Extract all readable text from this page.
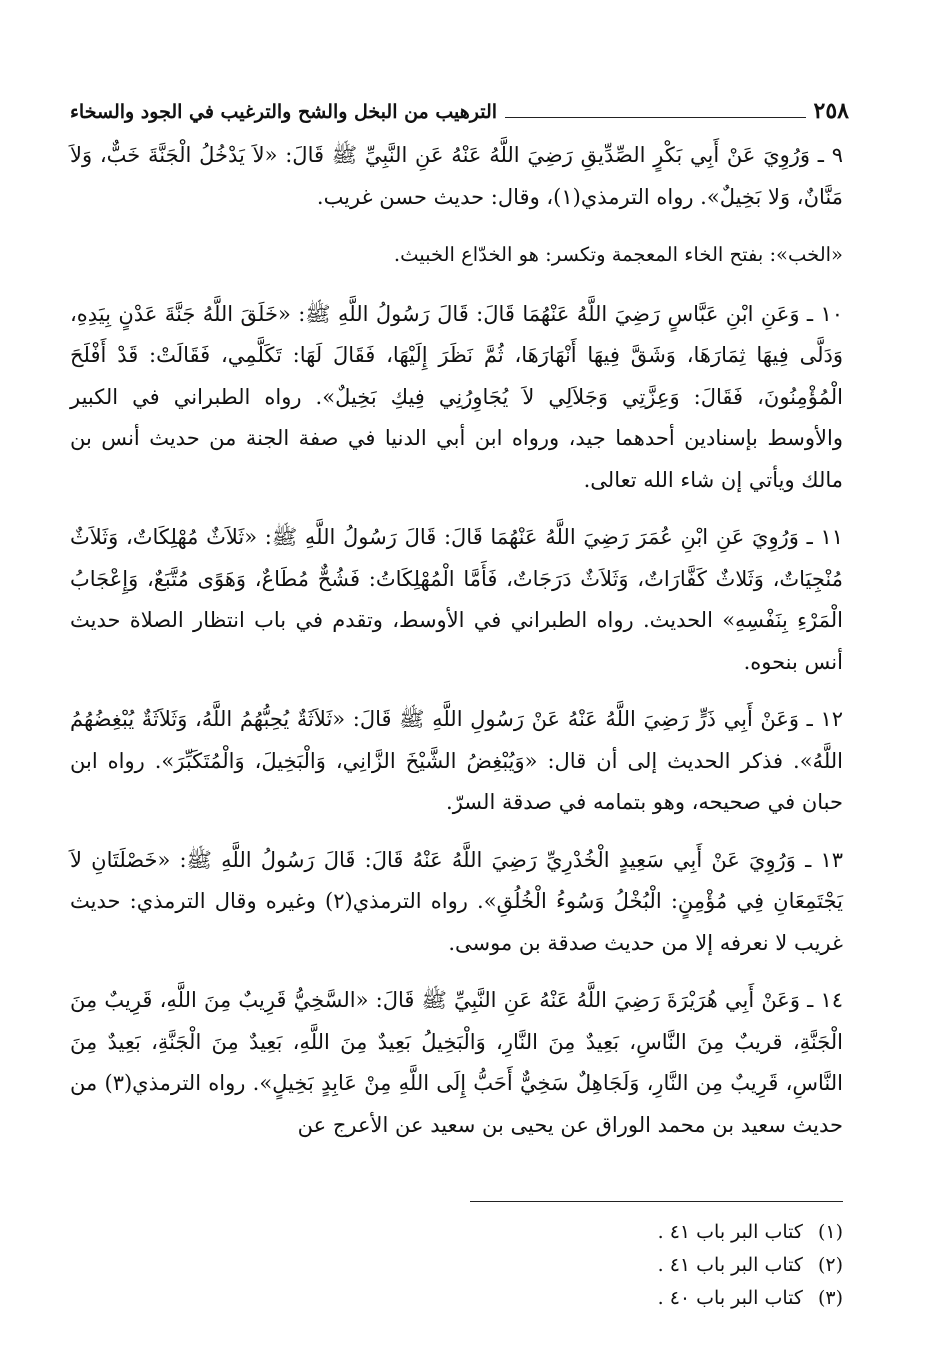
٢٥٨
الترهيب من البخل والشح والترغيب في الجود والسخاء

٩ ـ وَرُوِيَ عَنْ أَبِي بَكْرٍ الصِّدِّيقِ رَضِيَ اللَّهُ عَنْهُ عَنِ النَّبِيِّ ﷺ قَالَ: «لاَ يَدْخُلُ الْجَنَّةَ خَبٌّ، وَلاَ مَنَّانٌ، وَلا بَخِيلٌ». رواه الترمذي(١)، وقال: حديث حسن غريب.

«الخب»: بفتح الخاء المعجمة وتكسر: هو الخدّاع الخبيث.

١٠ ـ وَعَنِ ابْنِ عَبَّاسٍ رَضِيَ اللَّهُ عَنْهُمَا قَالَ: قَالَ رَسُولُ اللَّهِ ﷺ: «خَلَقَ اللَّهُ جَنَّةَ عَدْنٍ بِيَدِهِ، وَدَلَّى فِيهَا ثِمَارَهَا، وَشَقَّ فِيهَا أَنْهَارَهَا، ثُمَّ نَظَرَ إِلَيْهَا، فَقَالَ لَهَا: تَكَلَّمِي، فَقَالَتْ: قَدْ أَفْلَحَ الْمُؤْمِنُونَ، فَقَالَ: وَعِزَّتِي وَجَلاَلِي لاَ يُجَاوِرُنِي فِيكِ بَخِيلٌ». رواه الطبراني في الكبير والأوسط بإسنادين أحدهما جيد، ورواه ابن أبي الدنيا في صفة الجنة من حديث أنس بن مالك ويأتي إن شاء الله تعالى.

١١ ـ وَرُوِيَ عَنِ ابْنِ عُمَرَ رَضِيَ اللَّهُ عَنْهُمَا قَالَ: قَالَ رَسُولُ اللَّهِ ﷺ: «ثَلاَثٌ مُهْلِكَاتٌ، وَثَلاَثٌ مُنْجِيَاتٌ، وَثَلاثٌ كَفَّارَاتٌ، وَثَلاَثٌ دَرَجَاتٌ، فَأَمَّا الْمُهْلِكَاتُ: فَشُحٌّ مُطَاعٌ، وَهَوًى مُتَّبَعٌ، وَإِعْجَابُ الْمَرْءِ بِنَفْسِهِ» الحديث. رواه الطبراني في الأوسط، وتقدم في باب انتظار الصلاة حديث أنس بنحوه.

١٢ ـ وَعَنْ أَبِي ذَرٍّ رَضِيَ اللَّهُ عَنْهُ عَنْ رَسُولِ اللَّهِ ﷺ قَالَ: «ثَلاَثَةٌ يُحِبُّهُمُ اللَّهُ، وَثَلاَثَةٌ يُبْغِضُهُمُ اللَّهُ». فذكر الحديث إلى أن قال: «وَيُبْغِضُ الشَّيْخَ الزَّانِي، وَالْبَخِيلَ، وَالْمُتَكَبِّرَ». رواه ابن حبان في صحيحه، وهو بتمامه في صدقة السرّ.

١٣ ـ وَرُوِيَ عَنْ أَبِي سَعِيدٍ الْخُدْرِيِّ رَضِيَ اللَّهُ عَنْهُ قَالَ: قَالَ رَسُولُ اللَّهِ ﷺ: «خَصْلَتَانِ لاَ يَجْتَمِعَانِ فِي مُؤْمِنٍ: الْبُخْلُ وَسُوءُ الْخُلُقِ». رواه الترمذي(٢) وغيره وقال الترمذي: حديث غريب لا نعرفه إلا من حديث صدقة بن موسى.

١٤ ـ وَعَنْ أَبِي هُرَيْرَةَ رَضِيَ اللَّهُ عَنْهُ عَنِ النَّبِيِّ ﷺ قَالَ: «السَّخِيُّ قَرِيبٌ مِنَ اللَّهِ، قَرِيبٌ مِنَ الْجَنَّةِ، قريبٌ مِنَ النَّاسِ، بَعِيدٌ مِنَ النَّارِ، وَالْبَخِيلُ بَعِيدٌ مِنَ اللَّهِ، بَعِيدٌ مِنَ الْجَنَّةِ، بَعِيدٌ مِنَ النَّاسِ، قَرِيبٌ مِن النَّارِ، وَلَجَاهِلٌ سَخِيٌّ أَحَبُّ إِلَى اللَّهِ مِنْ عَابِدٍ بَخِيلٍ». رواه الترمذي(٣) من حديث سعيد بن محمد الوراق عن يحيى بن سعيد عن الأعرج عن

(١) كتاب البر باب ٤١ .
(٢) كتاب البر باب ٤١ .
(٣) كتاب البر باب ٤٠ .
